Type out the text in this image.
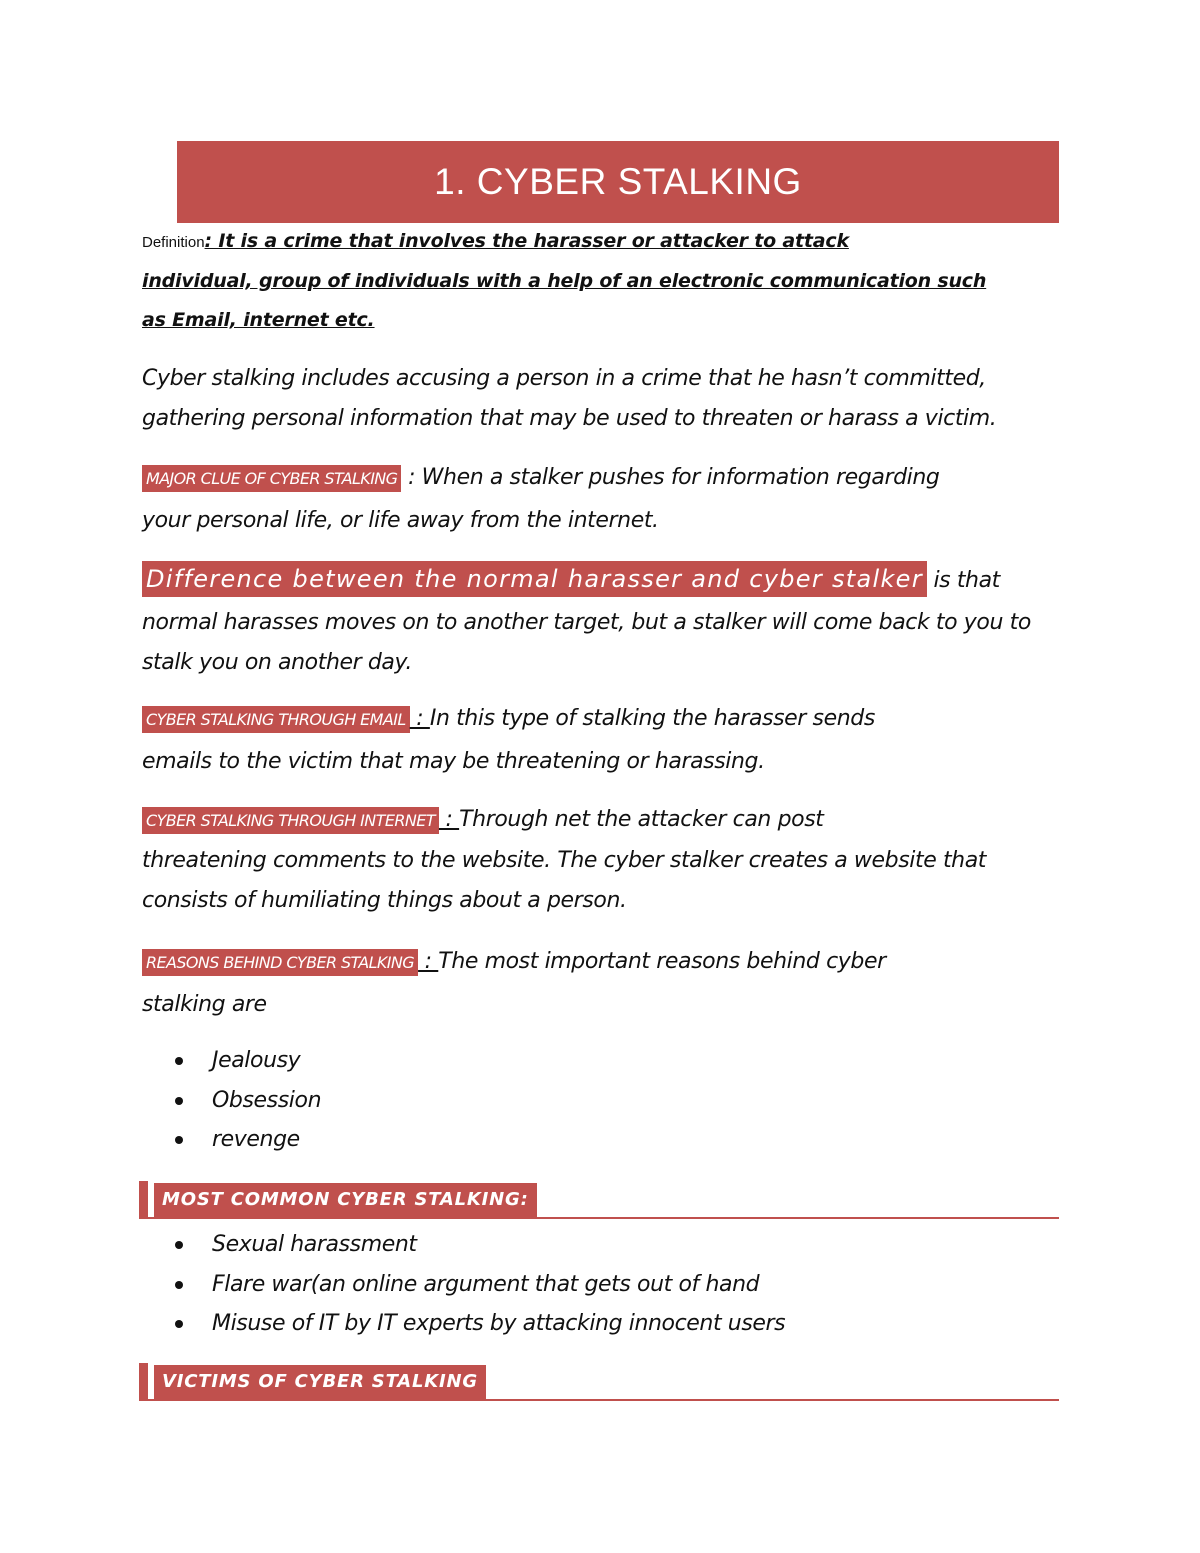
1. CYBER STALKING
Definition: It is a crime that involves the harasser or attacker to attack
individual, group of individuals with a help of an electronic communication such
as Email, internet etc.
Cyber stalking includes accusing a person in a crime that he hasn’t committed,
gathering personal information that may be used to threaten or harass a victim.
MAJOR CLUE OF CYBER STALKING : When a stalker pushes for information regarding
your personal life, or life away from the internet.
Difference between the normal harasser and cyber stalker is that
normal harasses moves on to another target, but a stalker will come back to you to
stalk you on another day.
CYBER STALKING THROUGH EMAIL : In this type of stalking the harasser sends
emails to the victim that may be threatening or harassing.
CYBER STALKING THROUGH INTERNET : Through net the attacker can post
threatening comments to the website. The cyber stalker creates a website that
consists of humiliating things about a person.
REASONS BEHIND CYBER STALKING : The most important reasons behind cyber
stalking are
Jealousy
Obsession
revenge
MOST COMMON CYBER STALKING:
Sexual harassment
Flare war(an online argument that gets out of hand
Misuse of IT by IT experts by attacking innocent users
VICTIMS OF CYBER STALKING
